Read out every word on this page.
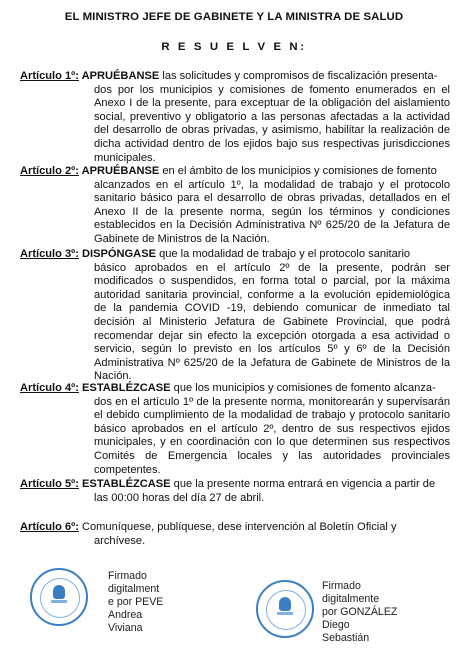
EL MINISTRO JEFE DE GABINETE Y LA MINISTRA DE SALUD
R E S U E L V E N:
Artículo 1º: APRUÉBANSE las solicitudes y compromisos de fiscalización presenta-
dos por los municipios y comisiones de fomento enumerados en el Anexo I de la presente, para exceptuar de la obligación del aislamiento social, preventivo y obligatorio a las personas afectadas a la actividad del desarrollo de obras privadas, y asimismo, habilitar la realización de dicha actividad dentro de los ejidos bajo sus respectivas jurisdicciones municipales.
Artículo 2º: APRUÉBANSE en el ámbito de los municipios y comisiones de fomento
alcanzados en el artículo 1º, la modalidad de trabajo y el protocolo sanitario básico para el desarrollo de obras privadas, detallados en el Anexo II de la presente norma, según los términos y condiciones establecidos en la Decisión Administrativa Nº 625/20 de la Jefatura de Gabinete de Ministros de la Nación.
Artículo 3º: DISPÓNGASE que la modalidad de trabajo y el protocolo sanitario
básico aprobados en el artículo 2º de la presente, podrán ser modificados o suspendidos, en forma total o parcial, por la máxima autoridad sanitaria provincial, conforme a la evolución epidemiológica de la pandemia COVID -19, debiendo comunicar de inmediato tal decisión al Ministerio Jefatura de Gabinete Provincial, que podrá recomendar dejar sin efecto la excepción otorgada a esa actividad o servicio, según lo previsto en los artículos 5º y 6º de la Decisión Administrativa Nº 625/20 de la Jefatura de Gabinete de Ministros de la Nación.
Artículo 4º: ESTABLÉZCASE que los municipios y comisiones de fomento alcanza-
dos en el artículo 1º de la presente norma, monitorearán y supervisarán el debido cumplimiento de la modalidad de trabajo y protocolo sanitario básico aprobados en el artículo 2º, dentro de sus respectivos ejidos municipales, y en coordinación con lo que determinen sus respectivos Comités de Emergencia locales y las autoridades provinciales competentes.
Artículo 5º: ESTABLÉZCASE que la presente norma entrará en vigencia a partir de
las 00:00 horas del día 27 de abril.
Artículo 6º: Comuníquese, publíquese, dese intervención al Boletín Oficial y
archívese.
Firmado
digitalment
e por PEVE
Andrea
Viviana
Firmado
digitalmente
por GONZÁLEZ
Diego
Sebastián
